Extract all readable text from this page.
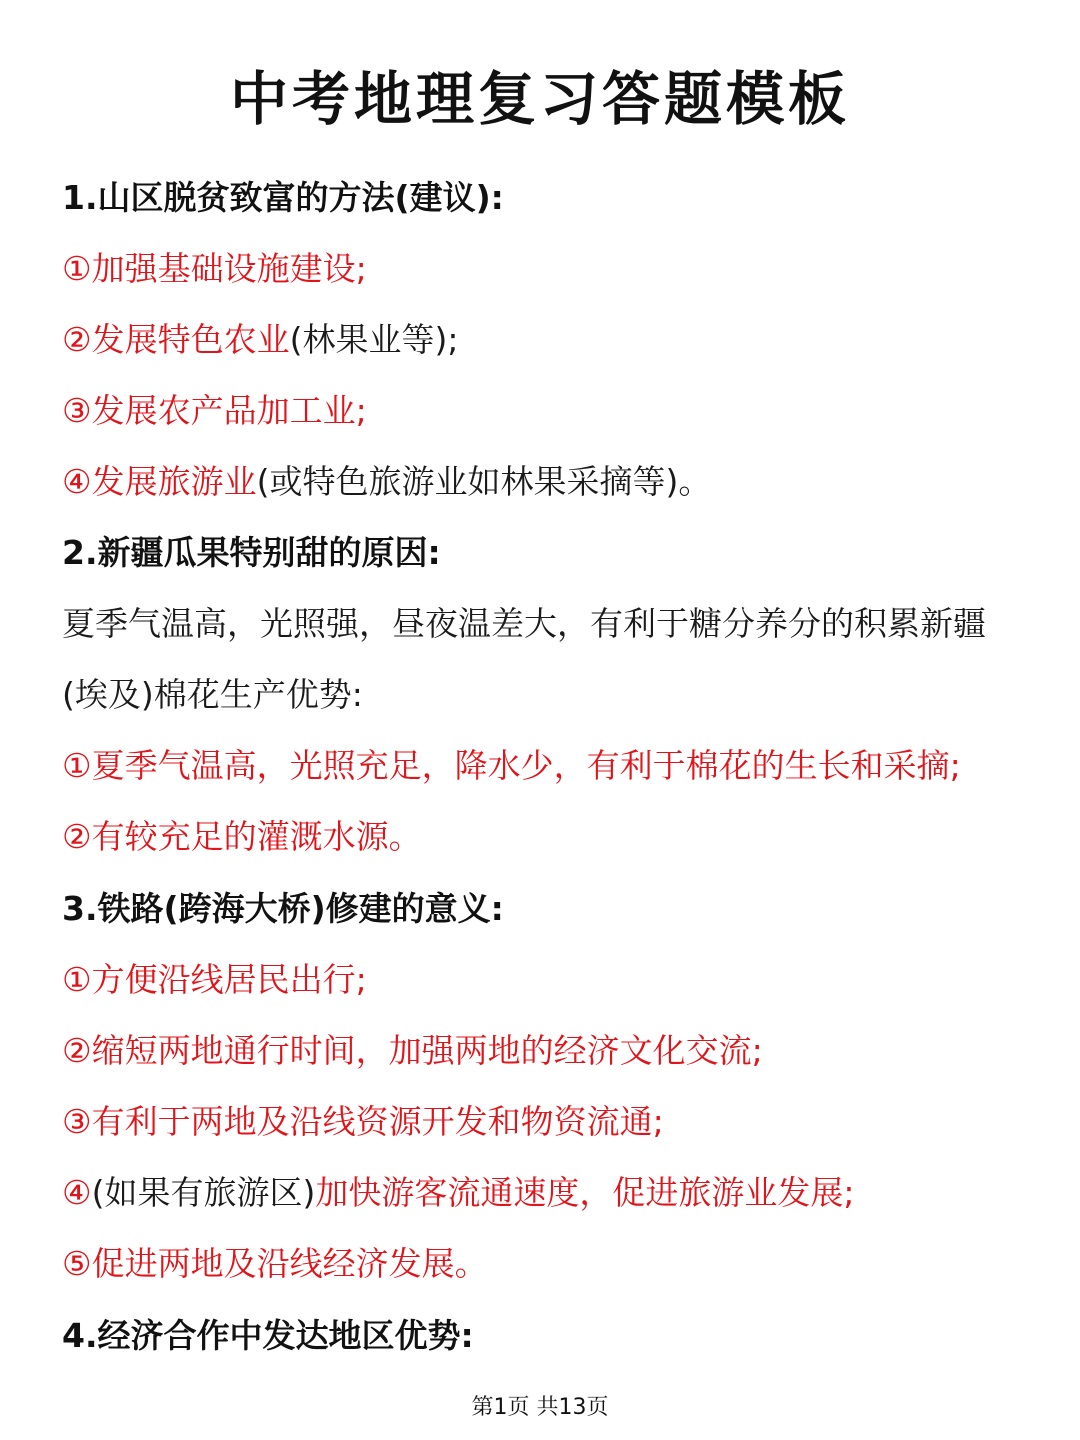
中考地理复习答题模板
1.山区脱贫致富的方法(建议):
①加强基础设施建设;
②发展特色农业(林果业等);
③发展农产品加工业;
④发展旅游业(或特色旅游业如林果采摘等)。
2.新疆瓜果特别甜的原因:
夏季气温高，光照强，昼夜温差大，有利于糖分养分的积累新疆
(埃及)棉花生产优势:
①夏季气温高，光照充足，降水少，有利于棉花的生长和采摘;
②有较充足的灌溉水源。
3.铁路(跨海大桥)修建的意义:
①方便沿线居民出行;
②缩短两地通行时间，加强两地的经济文化交流;
③有利于两地及沿线资源开发和物资流通;
④(如果有旅游区)加快游客流通速度，促进旅游业发展;
⑤促进两地及沿线经济发展。
4.经济合作中发达地区优势:
第1页 共13页
